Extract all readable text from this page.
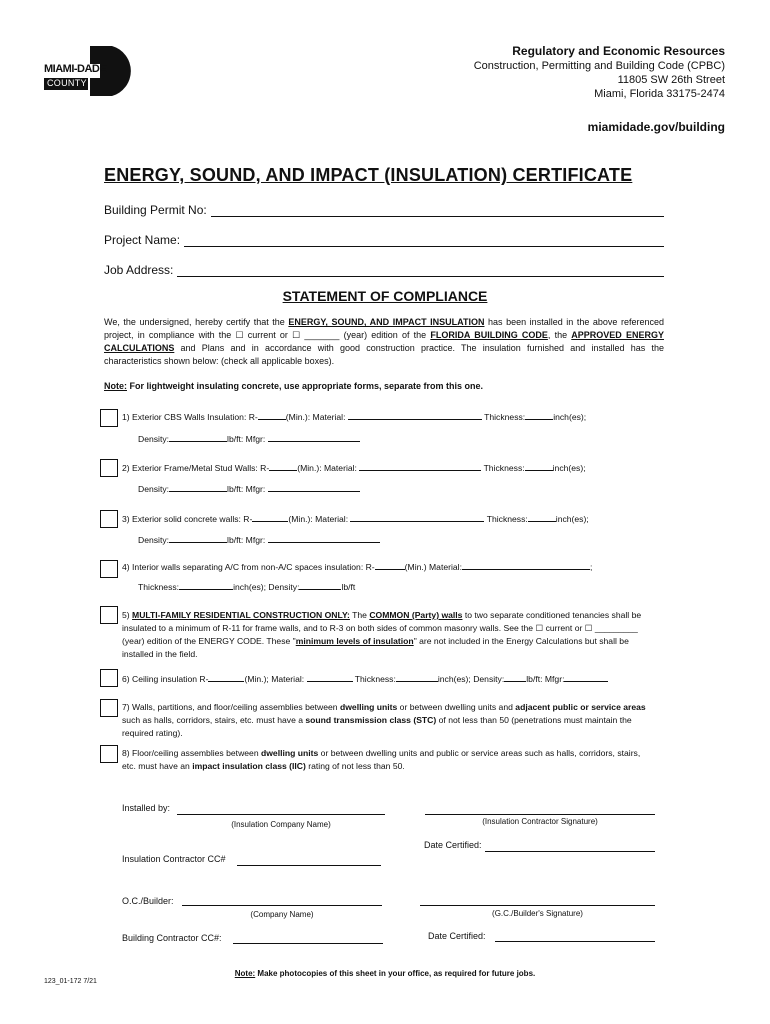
MIAMI-DADE
COUNTY
Regulatory and Economic Resources
Construction, Permitting and Building Code (CPBC)
11805 SW 26th Street
Miami, Florida 33175-2474
miamidade.gov/building
ENERGY, SOUND, AND IMPACT (INSULATION) CERTIFICATE
Building Permit No:
Project Name:
Job Address:
STATEMENT OF COMPLIANCE
We, the undersigned, hereby certify that the ENERGY, SOUND, AND IMPACT INSULATION has been installed in the above referenced project, in compliance with the ☐ current or ☐ _______ (year) edition of the FLORIDA BUILDING CODE, the APPROVED ENERGY CALCULATIONS and Plans and in accordance with good construction practice. The insulation furnished and installed has the characteristics shown below: (check all applicable boxes).
Note: For lightweight insulating concrete, use appropriate forms, separate from this one.
1) Exterior CBS Walls Insulation: R-	(Min.): Material:	Thickness:	inch(es);
Density:	lb/ft: Mfgr:
2) Exterior Frame/Metal Stud Walls: R-	(Min.): Material:	Thickness:	inch(es);
Density:	lb/ft: Mfgr:
3) Exterior solid concrete walls: R-	(Min.): Material:	Thickness:	inch(es);
Density:	lb/ft: Mfgr:
4) Interior walls separating A/C from non-A/C spaces insulation: R-	(Min.) Material:	;
Thickness:	inch(es); Density:	lb/ft
5) MULTI-FAMILY RESIDENTIAL CONSTRUCTION ONLY: The COMMON (Party) walls to two separate conditioned tenancies shall be insulated to a minimum of R-11 for frame walls, and to R-3 on both sides of common masonry walls. See the ☐ current or ☐ _________ (year) edition of the ENERGY CODE. These "minimum levels of insulation" are not included in the Energy Calculations but shall be installed in the field.
6) Ceiling insulation R-	(Min.); Material:	Thickness:	inch(es); Density:	lb/ft: Mfgr:
7) Walls, partitions, and floor/ceiling assemblies between dwelling units or between dwelling units and adjacent public or service areas such as halls, corridors, stairs, etc. must have a sound transmission class (STC) of not less than 50 (penetrations must maintain the required rating).
8) Floor/ceiling assemblies between dwelling units or between dwelling units and public or service areas such as halls, corridors, stairs, etc. must have an impact insulation class (IIC) rating of not less than 50.
Installed by:
(Insulation Company Name)	(Insulation Contractor Signature)
Date Certified:
Insulation Contractor CC#
O.C./Builder:
(Company Name)	(G.C./Builder's Signature)
Building Contractor CC#:	Date Certified:
Note: Make photocopies of this sheet in your office, as required for future jobs.
123_01-172 7/21
